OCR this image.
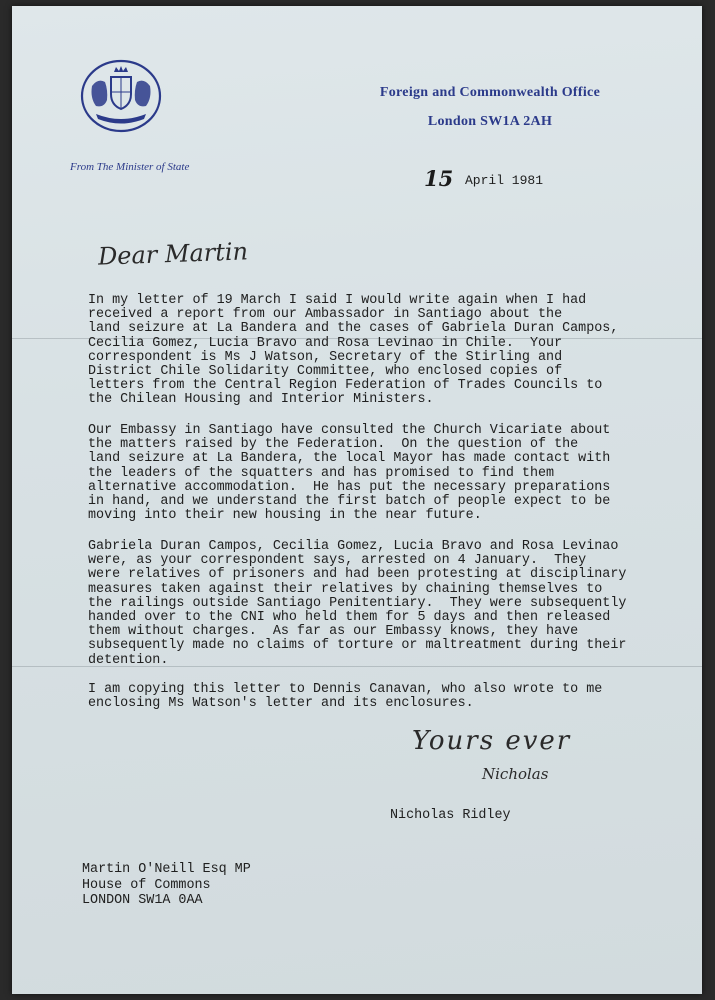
Foreign and Commonwealth Office
London SW1A 2AH
From The Minister of State	15 April 1981
Dear Martin
In my letter of 19 March I said I would write again when I had
received a report from our Ambassador in Santiago about the
land seizure at La Bandera and the cases of Gabriela Duran Campos,
Cecilia Gomez, Lucia Bravo and Rosa Levinao in Chile.  Your
correspondent is Ms J Watson, Secretary of the Stirling and
District Chile Solidarity Committee, who enclosed copies of
letters from the Central Region Federation of Trades Councils to
the Chilean Housing and Interior Ministers.
Our Embassy in Santiago have consulted the Church Vicariate about
the matters raised by the Federation.  On the question of the
land seizure at La Bandera, the local Mayor has made contact with
the leaders of the squatters and has promised to find them
alternative accommodation.  He has put the necessary preparations
in hand, and we understand the first batch of people expect to be
moving into their new housing in the near future.
Gabriela Duran Campos, Cecilia Gomez, Lucia Bravo and Rosa Levinao
were, as your correspondent says, arrested on 4 January.  They
were relatives of prisoners and had been protesting at disciplinary
measures taken against their relatives by chaining themselves to
the railings outside Santiago Penitentiary.  They were subsequently
handed over to the CNI who held them for 5 days and then released
them without charges.  As far as our Embassy knows, they have
subsequently made no claims of torture or maltreatment during their
detention.
I am copying this letter to Dennis Canavan, who also wrote to me
enclosing Ms Watson's letter and its enclosures.
Yours ever
Nicholas
Nicholas Ridley
Martin O'Neill Esq MP
House of Commons
LONDON SW1A 0AA
